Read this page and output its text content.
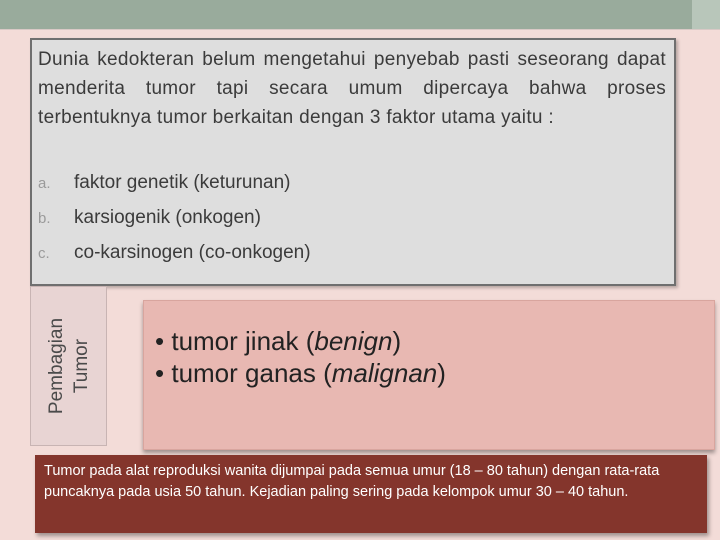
Dunia kedokteran belum mengetahui penyebab pasti seseorang dapat menderita tumor tapi secara umum dipercaya bahwa proses terbentuknya tumor berkaitan dengan 3 faktor utama yaitu :
a. faktor genetik (keturunan)
b. karsiogenik (onkogen)
c. co-karsinogen (co-onkogen)
Pembagian Tumor • tumor jinak (benign)
• tumor ganas (malignan)
Tumor pada alat reproduksi wanita dijumpai pada semua umur (18 – 80 tahun) dengan rata-rata puncaknya pada usia 50 tahun. Kejadian paling sering pada kelompok umur 30 – 40 tahun.
